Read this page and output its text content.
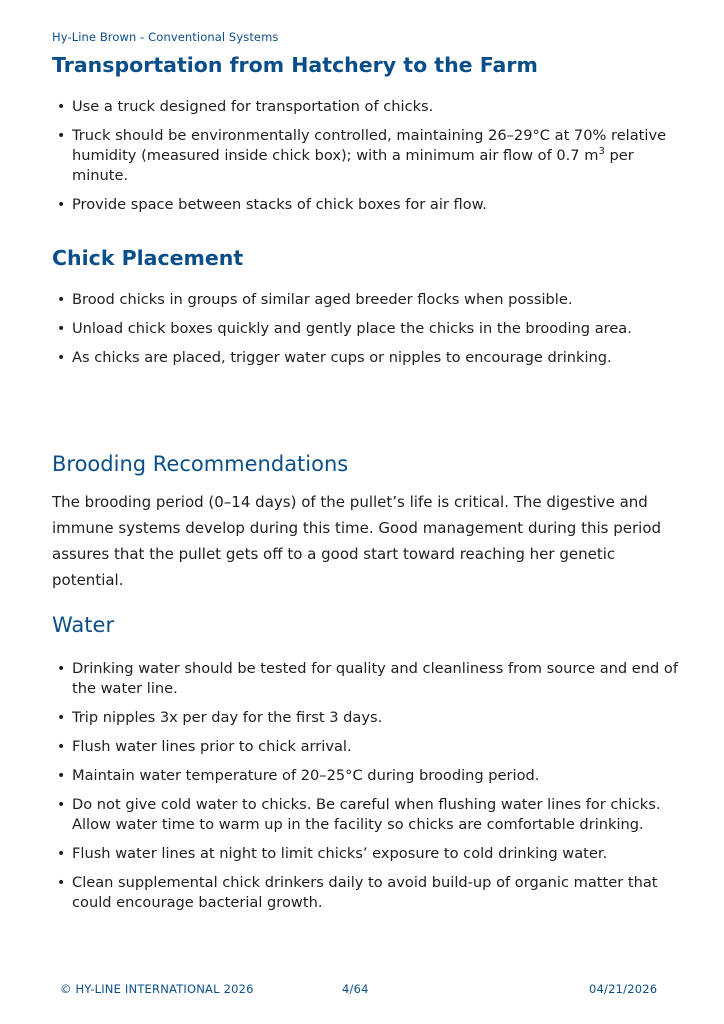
Hy-Line Brown - Conventional Systems
Transportation from Hatchery to the Farm
• Use a truck designed for transportation of chicks.
• Truck should be environmentally controlled, maintaining 26–29°C at 70% relative humidity (measured inside chick box); with a minimum air flow of 0.7 $m^3$ per minute.
• Provide space between stacks of chick boxes for air flow.
Chick Placement
• Brood chicks in groups of similar aged breeder flocks when possible.
• Unload chick boxes quickly and gently place the chicks in the brooding area.
• As chicks are placed, trigger water cups or nipples to encourage drinking.
Brooding Recommendations

The brooding period (0–14 days) of the pullet’s life is critical. The digestive and immune systems develop during this time. Good management during this period assures that the pullet gets off to a good start toward reaching her genetic potential.

Water
• Drinking water should be tested for quality and cleanliness from source and end of the water line.
• Trip nipples 3x per day for the first 3 days.
• Flush water lines prior to chick arrival.
• Maintain water temperature of 20–25°C during brooding period.
• Do not give cold water to chicks. Be careful when flushing water lines for chicks. Allow water time to warm up in the facility so chicks are comfortable drinking.
• Flush water lines at night to limit chicks’ exposure to cold drinking water.
• Clean supplemental chick drinkers daily to avoid build-up of organic matter that could encourage bacterial growth.
© HY-LINE INTERNATIONAL 2026	4/64	04/21/2026
